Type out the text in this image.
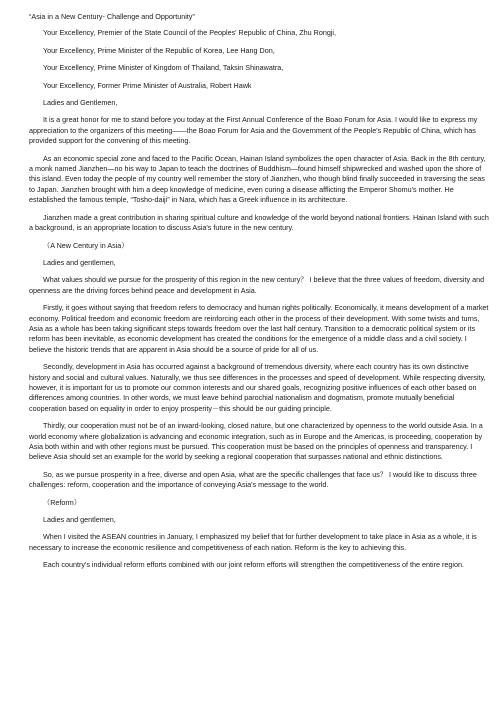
“Asia in a New Century- Challenge and Opportunity”
Your Excellency, Premier of the State Council of the Peoples' Republic of China, Zhu Rongji,
Your Excellency, Prime Minister of the Republic of Korea, Lee Hang Don,
Your Excellency, Prime Minister of Kingdom of Thailand, Taksin Shinawatra,
Your Excellency, Former Prime Minister of Australia, Robert Hawk
Ladies and Gentlemen,
It is a great honor for me to stand before you today at the First Annual Conference of the Boao Forum for Asia. I would like to express my appreciation to the organizers of this meeting——the Boao Forum for Asia and the Government of the People's Republic of China, which has provided support for the convening of this meeting.
As an economic special zone and faced to the Pacific Ocean, Hainan Island symbolizes the open character of Asia. Back in the 8th century, a monk named Jianzhen—no his way to Japan to teach the doctrines of Buddhism—found himself shipwrecked and washed upon the shore of this island. Even today the people of my country well remember the story of Jianzhen, who though blind finally succeeded in traversing the seas to Japan. Jianzhen brought with him a deep knowledge of medicine, even curing a disease afflicting the Emperor Shomu's mother. He established the famous temple, “Tosho-daiji” in Nara, which has a Greek influence in its architecture.
Jianzhen made a great contribution in sharing spiritual culture and knowledge of the world beyond national frontiers. Hainan Island with such a background, is an appropriate location to discuss Asia's future in the new century.
（A New Century in Asia）
Ladies and gentlemen,
What values should we pursue for the prosperity of this region in the new century？ I believe that the three values of freedom, diversity and openness are the driving forces behind peace and development in Asia.
Firstly, it goes without saying that freedom refers to democracy and human rights politically. Economically, it means development of a market economy. Political freedom and economic freedom are reinforcing each other in the process of their development. With some twists and turns, Asia as a whole has been taking significant steps towards freedom over the last half century. Transition to a democratic political system or its reform has been inevitable, as economic development has created the conditions for the emergence of a middle class and a civil society. I believe the historic trends that are apparent in Asia should be a source of pride for all of us.
Secondly, development in Asia has occurred against a background of tremendous diversity, where each country has its own distinctive history and social and cultural values. Naturally, we thus see differences in the processes and speed of development. While respecting diversity, however, it is important for us to promote our common interests and our shared goals, recognizing positive influences of each other based on differences among countries. In other words, we must leave behind parochial nationalism and dogmatism, promote mutually beneficial cooperation based on equality in order to enjoy prosperity－this should be our guiding principle.
Thirdly, our cooperation must not be of an inward-looking, closed nature, but one characterized by openness to the world outside Asia. In a world economy where globalization is advancing and economic integration, such as in Europe and the Americas, is proceeding, cooperation by Asia both within and with other regions must be pursued. This cooperation must be based on the principles of openness and transparency. I believe Asia should set an example for the world by seeking a regional cooperation that surpasses national and ethnic distinctions.
So, as we pursue prosperity in a free, diverse and open Asia, what are the specific challenges that face us？ I would like to discuss three challenges: reform, cooperation and the importance of conveying Asia's message to the world.
（Reform）
Ladies and gentlemen,
When I visited the ASEAN countries in January, I emphasized my belief that for further development to take place in Asia as a whole, it is necessary to increase the economic resilience and competitiveness of each nation. Reform is the key to achieving this.
Each country's individual reform efforts combined with our joint reform efforts will strengthen the competitiveness of the entire region.
